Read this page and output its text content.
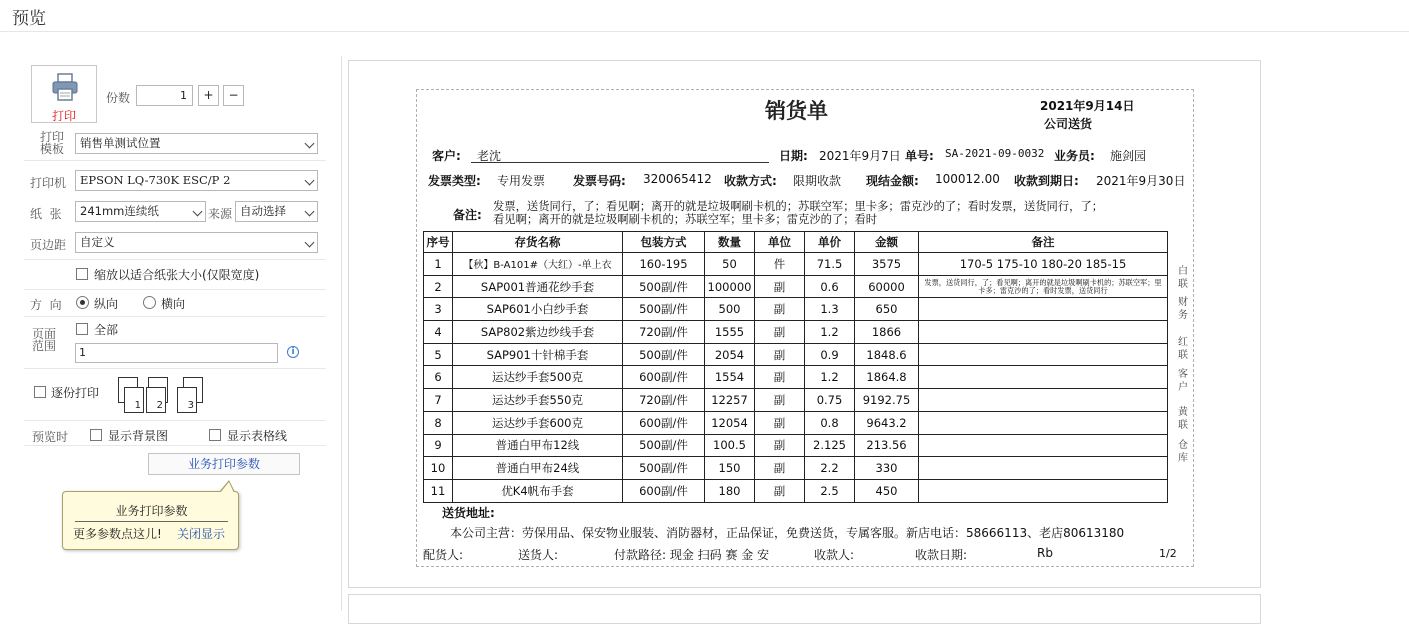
预览
打印
份数	1	+	−
打印
模板	销售单测试位置
打印机	EPSON LQ-730K ESC/P 2
纸  张	241mm连续纸	来源 自动选择
页边距	自定义
缩放以适合纸张大小(仅限宽度)
方  向	纵向	横向
页面
范围
全部
1	i
逐份打印
1 2 3
预览时	显示背景图	显示表格线
业务打印参数
业务打印参数
更多参数点这儿! 关闭显示
销货单	2021年9月14日
公司送货
客户: 老沈	日期: 2021年9月7日 单号: SA-2021-09-0032 业务员: 施剑园
发票类型: 专用发票 发票号码: 320065412 收款方式: 限期收款 现结金额: 100012.00 收款到期日: 2021年9月30日
备注:
发票，送货同行，了；看见啊；离开的就是垃圾啊刷卡机的；苏联空军；里卡多；雷克沙的了；看时发票，送货同行，了；
看见啊；离开的就是垃圾啊刷卡机的；苏联空军；里卡多；雷克沙的了；看时
序号	存货名称	包装方式	数量	单位	单价	金额	备注
1	【秋】B-A101#（大红）-单上衣	160-195	50	件	71.5	3575	170-5 175-10 180-20 185-15
2	SAP001普通花纱手套	500副/件	100000	副	0.6	60000	发票，送货同行，了；看见啊；离开的就是垃圾啊刷卡机的；苏联空军；里卡多；雷克沙的了；看时发票，送货同行
3	SAP601小白纱手套	500副/件	500	副	1.3	650	
4	SAP802紫边纱线手套	720副/件	1555	副	1.2	1866	
5	SAP901十针棉手套	500副/件	2054	副	0.9	1848.6	
6	运达纱手套500克	600副/件	1554	副	1.2	1864.8	
7	运达纱手套550克	720副/件	12257	副	0.75	9192.75	
8	运达纱手套600克	600副/件	12054	副	0.8	9643.2	
9	普通白甲布12线	500副/件	100.5	副	2.125	213.56	
10	普通白甲布24线	500副/件	150	副	2.2	330	
11	优K4帆布手套	600副/件	180	副	2.5	450	
白联
财务
红联
客户
黄联
仓库
送货地址:
本公司主营：劳保用品、保安物业服装、消防器材，正品保证，免费送货，专属客服。新店电话：58666113、老店80613180
配货人:	送货人:	付款路径: 现金 扫码 赛 金 安	收款人:	收款日期:	Rb	1/2
